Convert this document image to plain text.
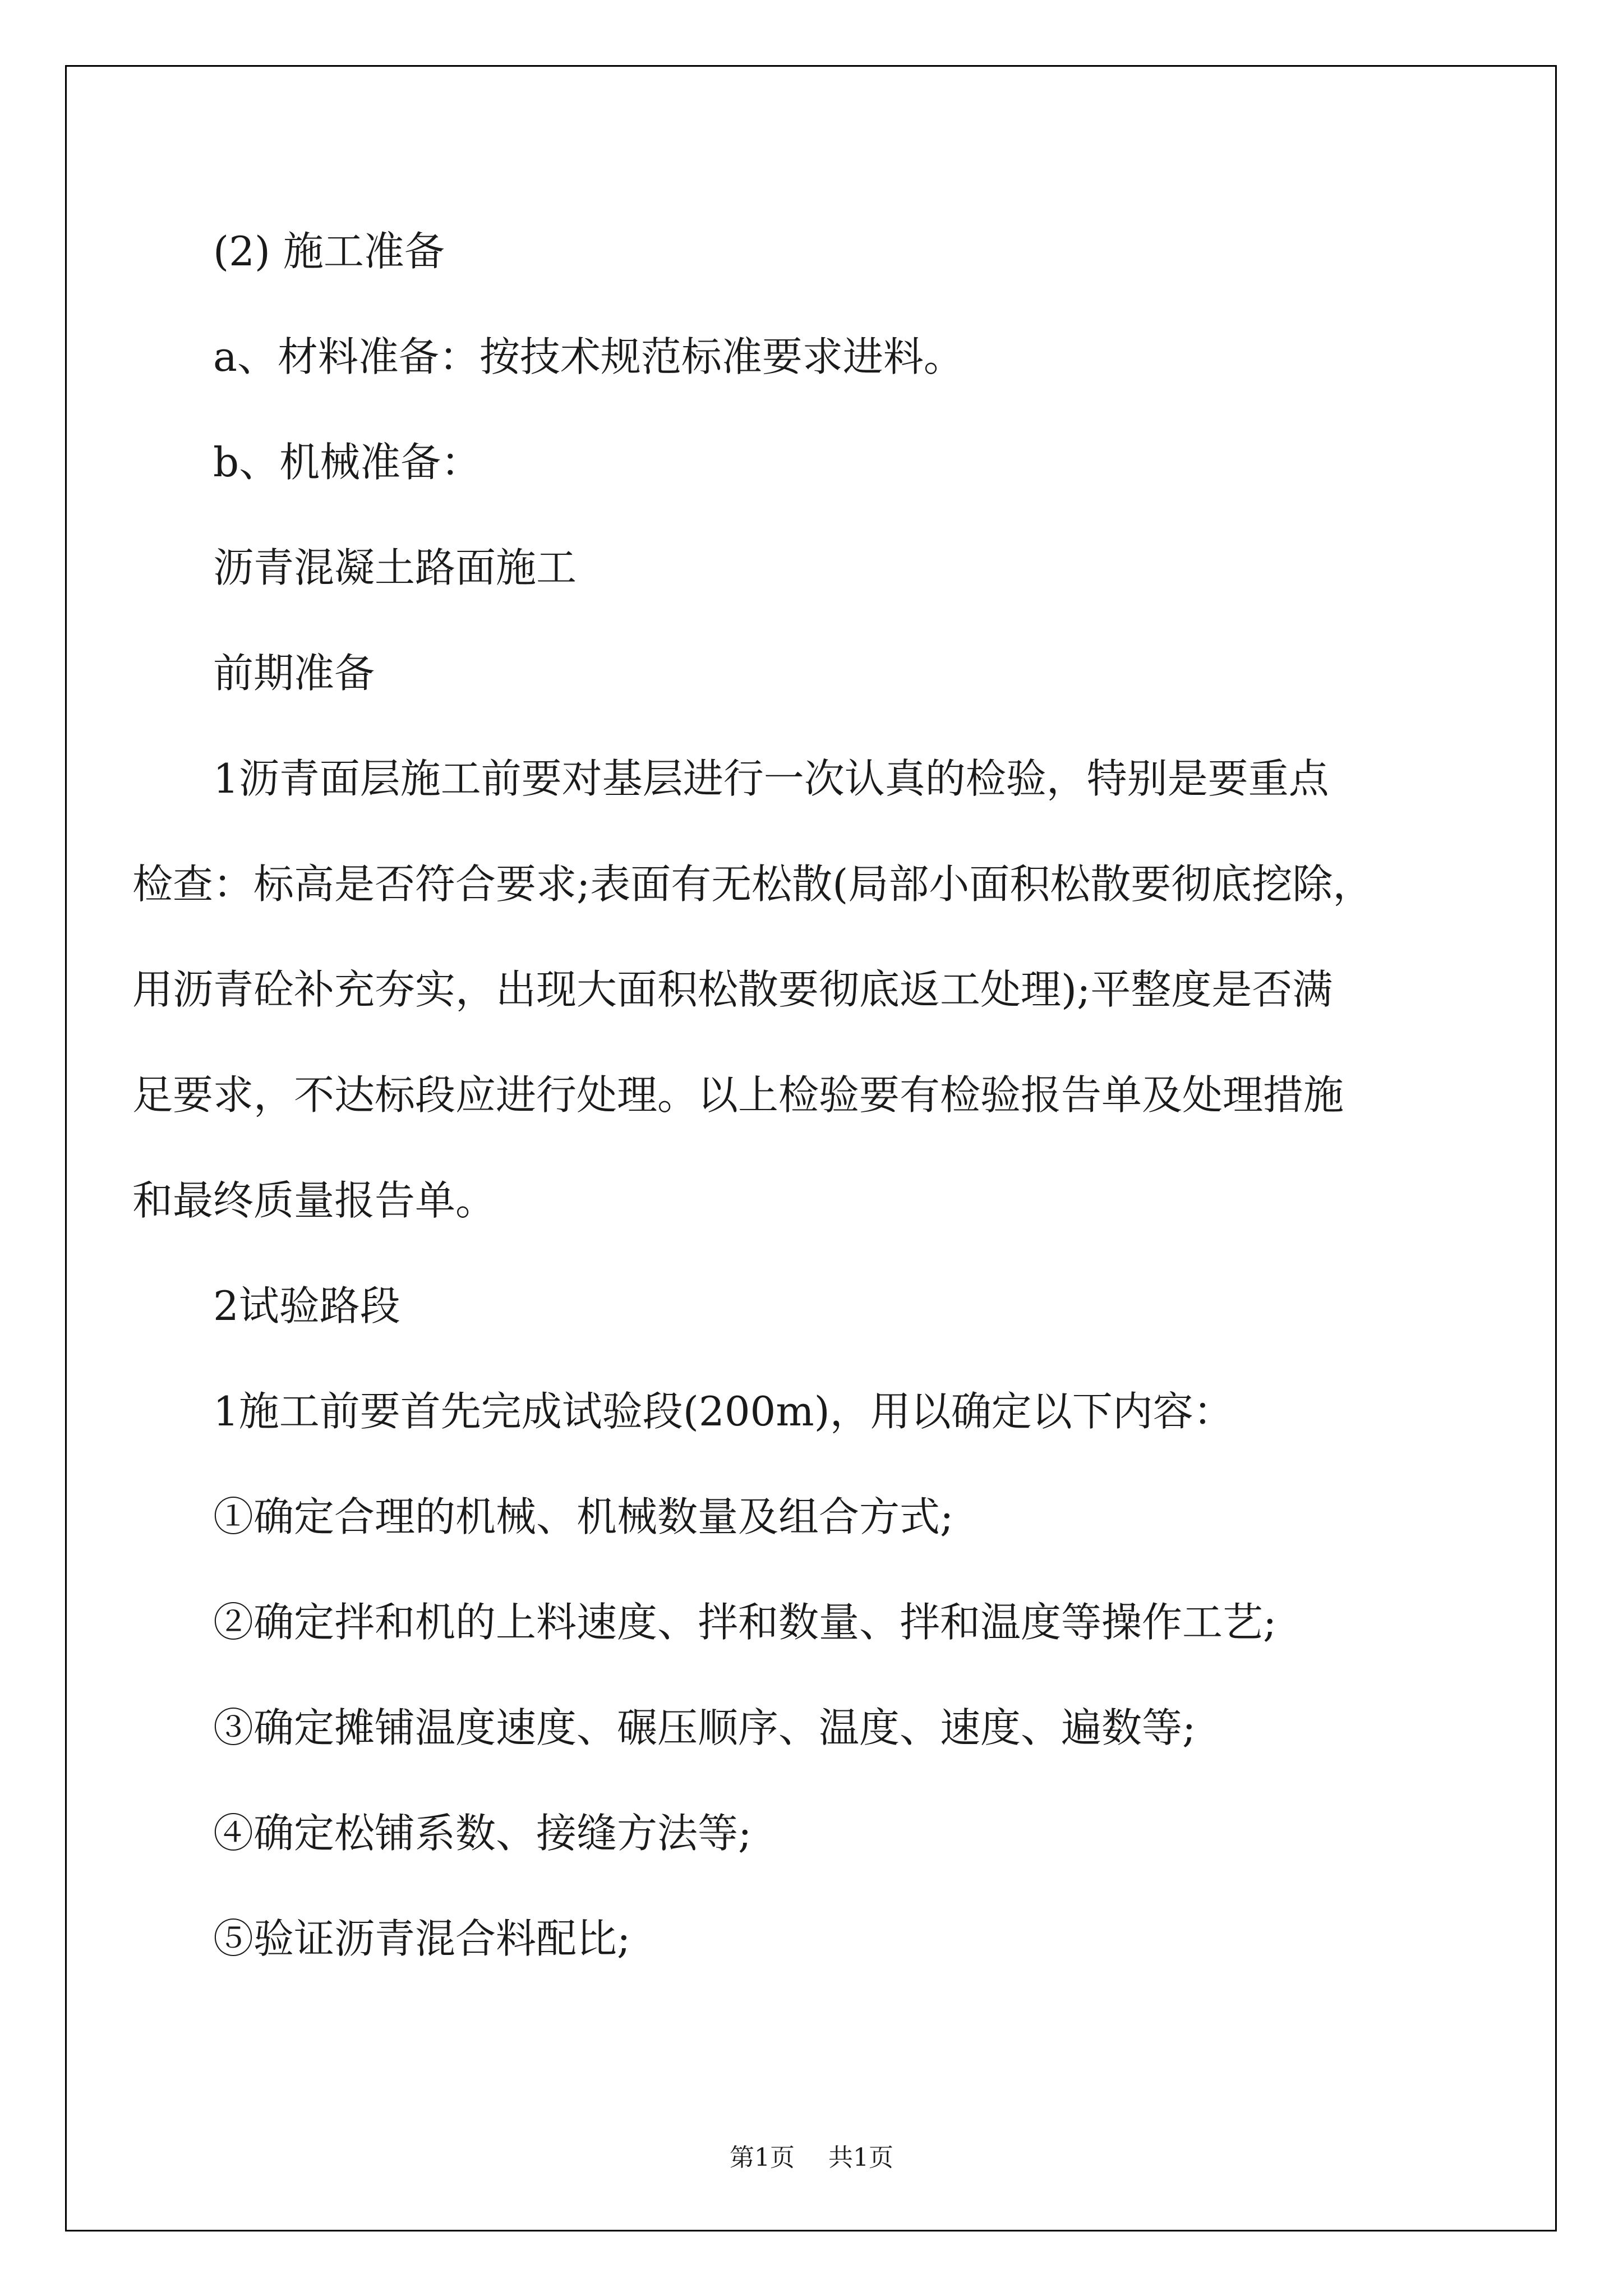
(2) 施工准备

a、材料准备：按技术规范标准要求进料。

b、机械准备：

沥青混凝土路面施工

前期准备

1沥青面层施工前要对基层进行一次认真的检验，特别是要重点

检查：标高是否符合要求;表面有无松散(局部小面积松散要彻底挖除，

用沥青砼补充夯实，出现大面积松散要彻底返工处理);平整度是否满

足要求，不达标段应进行处理。以上检验要有检验报告单及处理措施

和最终质量报告单。

2试验路段

1施工前要首先完成试验段(200m)，用以确定以下内容：

①确定合理的机械、机械数量及组合方式;

②确定拌和机的上料速度、拌和数量、拌和温度等操作工艺;

③确定摊铺温度速度、碾压顺序、温度、速度、遍数等;

④确定松铺系数、接缝方法等;

⑤验证沥青混合料配比;

第1页 共1页
